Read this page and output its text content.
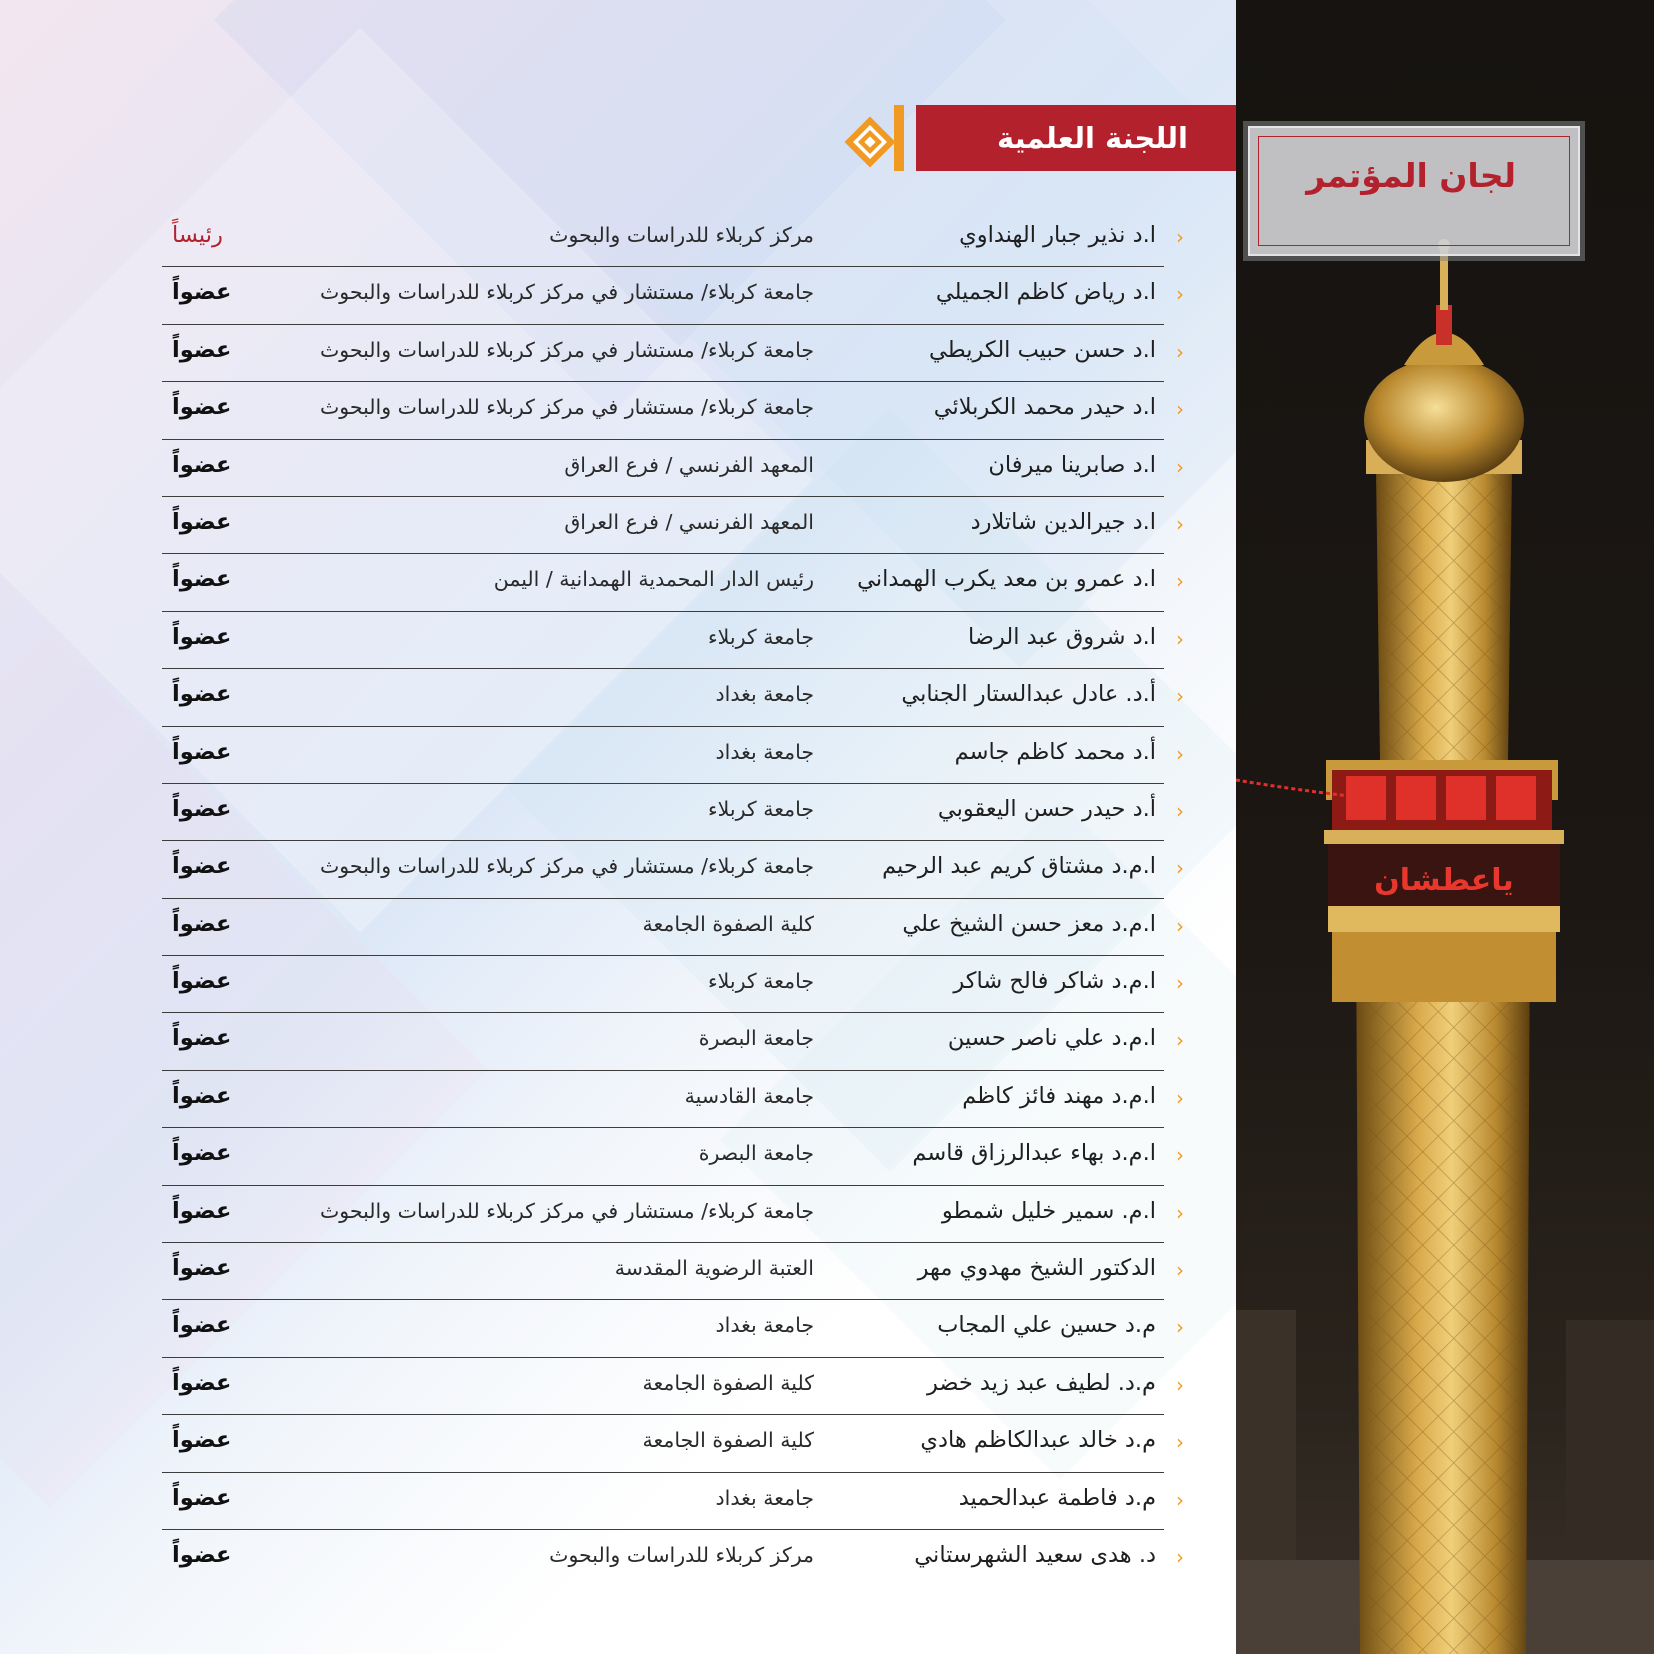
اللجنة العلمية
›
ا.د نذير جبار الهنداوي
مركز كربلاء للدراسات والبحوث
رئيساً
›
ا.د رياض كاظم الجميلي
جامعة كربلاء/ مستشار في مركز كربلاء للدراسات والبحوث
عضواً
›
ا.د حسن حبيب الكريطي
جامعة كربلاء/ مستشار في مركز كربلاء للدراسات والبحوث
عضواً
›
ا.د حيدر محمد الكربلائي
جامعة كربلاء/ مستشار في مركز كربلاء للدراسات والبحوث
عضواً
›
ا.د صابرينا ميرفان
المعهد الفرنسي / فرع العراق
عضواً
›
ا.د جيرالدين شاتلارد
المعهد الفرنسي / فرع العراق
عضواً
›
ا.د عمرو بن معد يكرب الهمداني
رئيس الدار المحمدية الهمدانية / اليمن
عضواً
›
ا.د شروق عبد الرضا
جامعة كربلاء
عضواً
›
أ.د. عادل عبدالستار الجنابي
جامعة بغداد
عضواً
›
أ.د محمد كاظم جاسم
جامعة بغداد
عضواً
›
أ.د حيدر حسن اليعقوبي
جامعة كربلاء
عضواً
›
ا.م.د مشتاق كريم عبد الرحيم
جامعة كربلاء/ مستشار في مركز كربلاء للدراسات والبحوث
عضواً
›
ا.م.د معز حسن الشيخ علي
كلية الصفوة الجامعة
عضواً
›
ا.م.د شاكر فالح شاكر
جامعة كربلاء
عضواً
›
ا.م.د علي ناصر حسين
جامعة البصرة
عضواً
›
ا.م.د مهند فائز كاظم
جامعة القادسية
عضواً
›
ا.م.د بهاء عبدالرزاق قاسم
جامعة البصرة
عضواً
›
ا.م. سمير خليل شمطو
جامعة كربلاء/ مستشار في مركز كربلاء للدراسات والبحوث
عضواً
›
الدكتور الشيخ مهدوي مهر
العتبة الرضوية المقدسة
عضواً
›
م.د حسين علي المجاب
جامعة بغداد
عضواً
›
م.د. لطيف عبد زيد خضر
كلية الصفوة الجامعة
عضواً
›
م.د خالد عبدالكاظم هادي
كلية الصفوة الجامعة
عضواً
›
م.د فاطمة عبدالحميد
جامعة بغداد
عضواً
›
د. هدى سعيد الشهرستاني
مركز كربلاء للدراسات والبحوث
عضواً
ياعطشان
لجان المؤتمر
